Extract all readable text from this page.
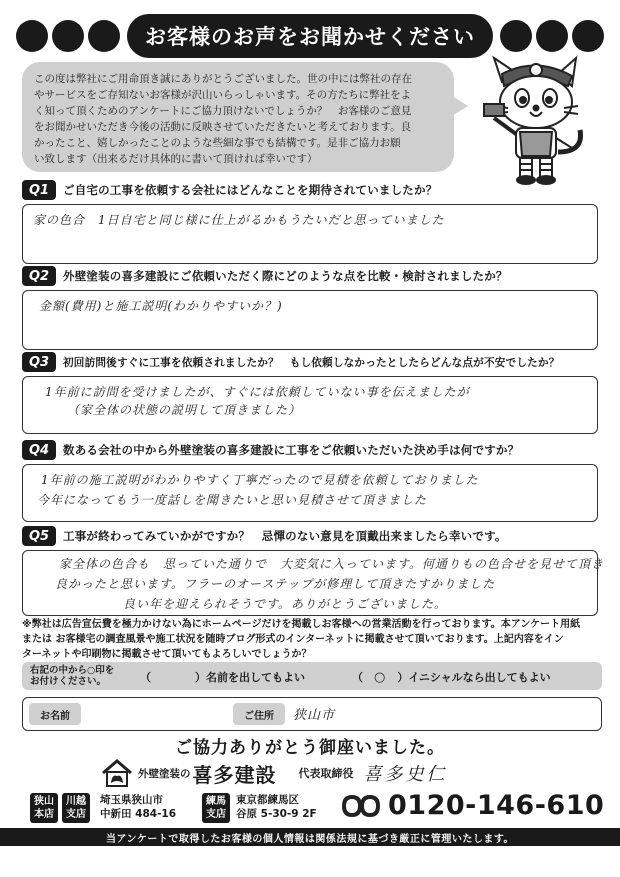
お客様のお声をお聞かせください
この度は弊社にご用命頂き誠にありがとうございました。世の中には弊社の存在
やサービスをご存知ないお客様が沢山いらっしゃいます。その方たちに弊社をよ
く知って頂くためのアンケートにご協力頂けないでしょうか？　お客様のご意見
をお聞かせいただき今後の活動に反映させていただきたいと考えております。良
かったこと、嬉しかったことのような些細な事でも結構です。是非ご協力お願
い致します（出来るだけ具体的に書いて頂ければ幸いです）
Q1	ご自宅の工事を依頼する会社にはどんなことを期待されていましたか？
家の色合　1日自宅と同じ様に仕上がるかもうたいだと思っていました
Q2	外壁塗装の喜多建設にご依頼いただく際にどのような点を比較・検討されましたか？
金額(費用)と施工説明(わかりやすいか？)
Q3	初回訪問後すぐに工事を依頼されましたか？　もし依頼しなかったとしたらどんな点が不安でしたか？
1年前に訪問を受けましたが、すぐには依頼していない事を伝えましたが
（家全体の状態の説明して頂きました）
Q4	数ある会社の中から外壁塗装の喜多建設に工事をご依頼いただいた決め手は何ですか？
1年前の施工説明がわかりやすく丁寧だったので見積を依頼しておりました
今年になってもう一度話しを聞きたいと思い見積させて頂きました
Q5	工事が終わってみていかがですか？　忌憚のない意見を頂戴出来ましたら幸いです。
家全体の色合も　思っていた通りで　大変気に入っています。何通りもの色合せを見せて頂き
良かったと思います。フラーのオーステップが修理して頂きたすかりました
良い年を迎えられそうです。ありがとうございました。
※弊社は広告宣伝費を極力かけない為にホームページだけを掲載しお客様への営業活動を行っております。本アンケート用紙
または お客様宅の調査風景や施工状況を随時ブログ形式のインターネットに掲載させて頂いております。上記内容をイン
ターネットや印刷物に掲載させて頂いてもよろしいでしょうか？
右記の中から○印を
お付けください。	（　　　　）名前を出してもよい	（　○　）イニシャルなら出してもよい
お名前	ご住所	狭山市
ご協力ありがとう御座いました。
外壁塗装の 喜多建設 代表取締役 喜多史仁
狭山
本店
川越
支店
埼玉県狭山市
中新田 484-16
練馬
支店
東京都練馬区
谷原 5-30-9 2F	0120-146-610
当アンケートで取得したお客様の個人情報は関係法規に基づき厳正に管理いたします。
